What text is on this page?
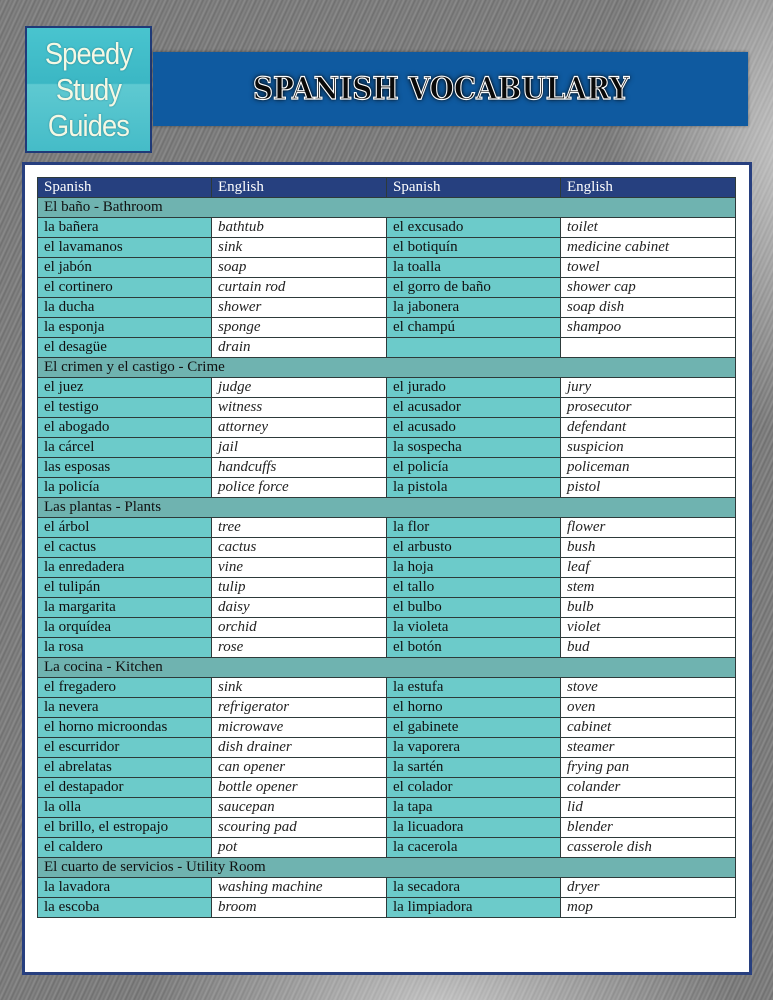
Speedy
Study
Guides
SPANISH VOCABULARY
Spanish	English	Spanish	English
El baño - Bathroom			
la bañera	bathtub	el excusado	toilet
el lavamanos	sink	el botiquín	medicine cabinet
el jabón	soap	la toalla	towel
el cortinero	curtain rod	el gorro de baño	shower cap
la ducha	shower	la jabonera	soap dish
la esponja	sponge	el champú	shampoo
el desagüe	drain		
El crimen y el castigo - Crime			
el juez	judge	el jurado	jury
el testigo	witness	el acusador	prosecutor
el abogado	attorney	el acusado	defendant
la cárcel	jail	la sospecha	suspicion
las esposas	handcuffs	el policía	policeman
la policía	police force	la pistola	pistol
Las plantas - Plants			
el árbol	tree	la flor	flower
el cactus	cactus	el arbusto	bush
la enredadera	vine	la hoja	leaf
el tulipán	tulip	el tallo	stem
la margarita	daisy	el bulbo	bulb
la orquídea	orchid	la violeta	violet
la rosa	rose	el botón	bud
La cocina - Kitchen			
el fregadero	sink	la estufa	stove
la nevera	refrigerator	el horno	oven
el horno microondas	microwave	el gabinete	cabinet
el escurridor	dish drainer	la vaporera	steamer
el abrelatas	can opener	la sartén	frying pan
el destapador	bottle opener	el colador	colander
la olla	saucepan	la tapa	lid
el brillo, el estropajo	scouring pad	la licuadora	blender
el caldero	pot	la cacerola	casserole dish
El cuarto de servicios - Utility Room			
la lavadora	washing machine	la secadora	dryer
la escoba	broom	la limpiadora	mop
